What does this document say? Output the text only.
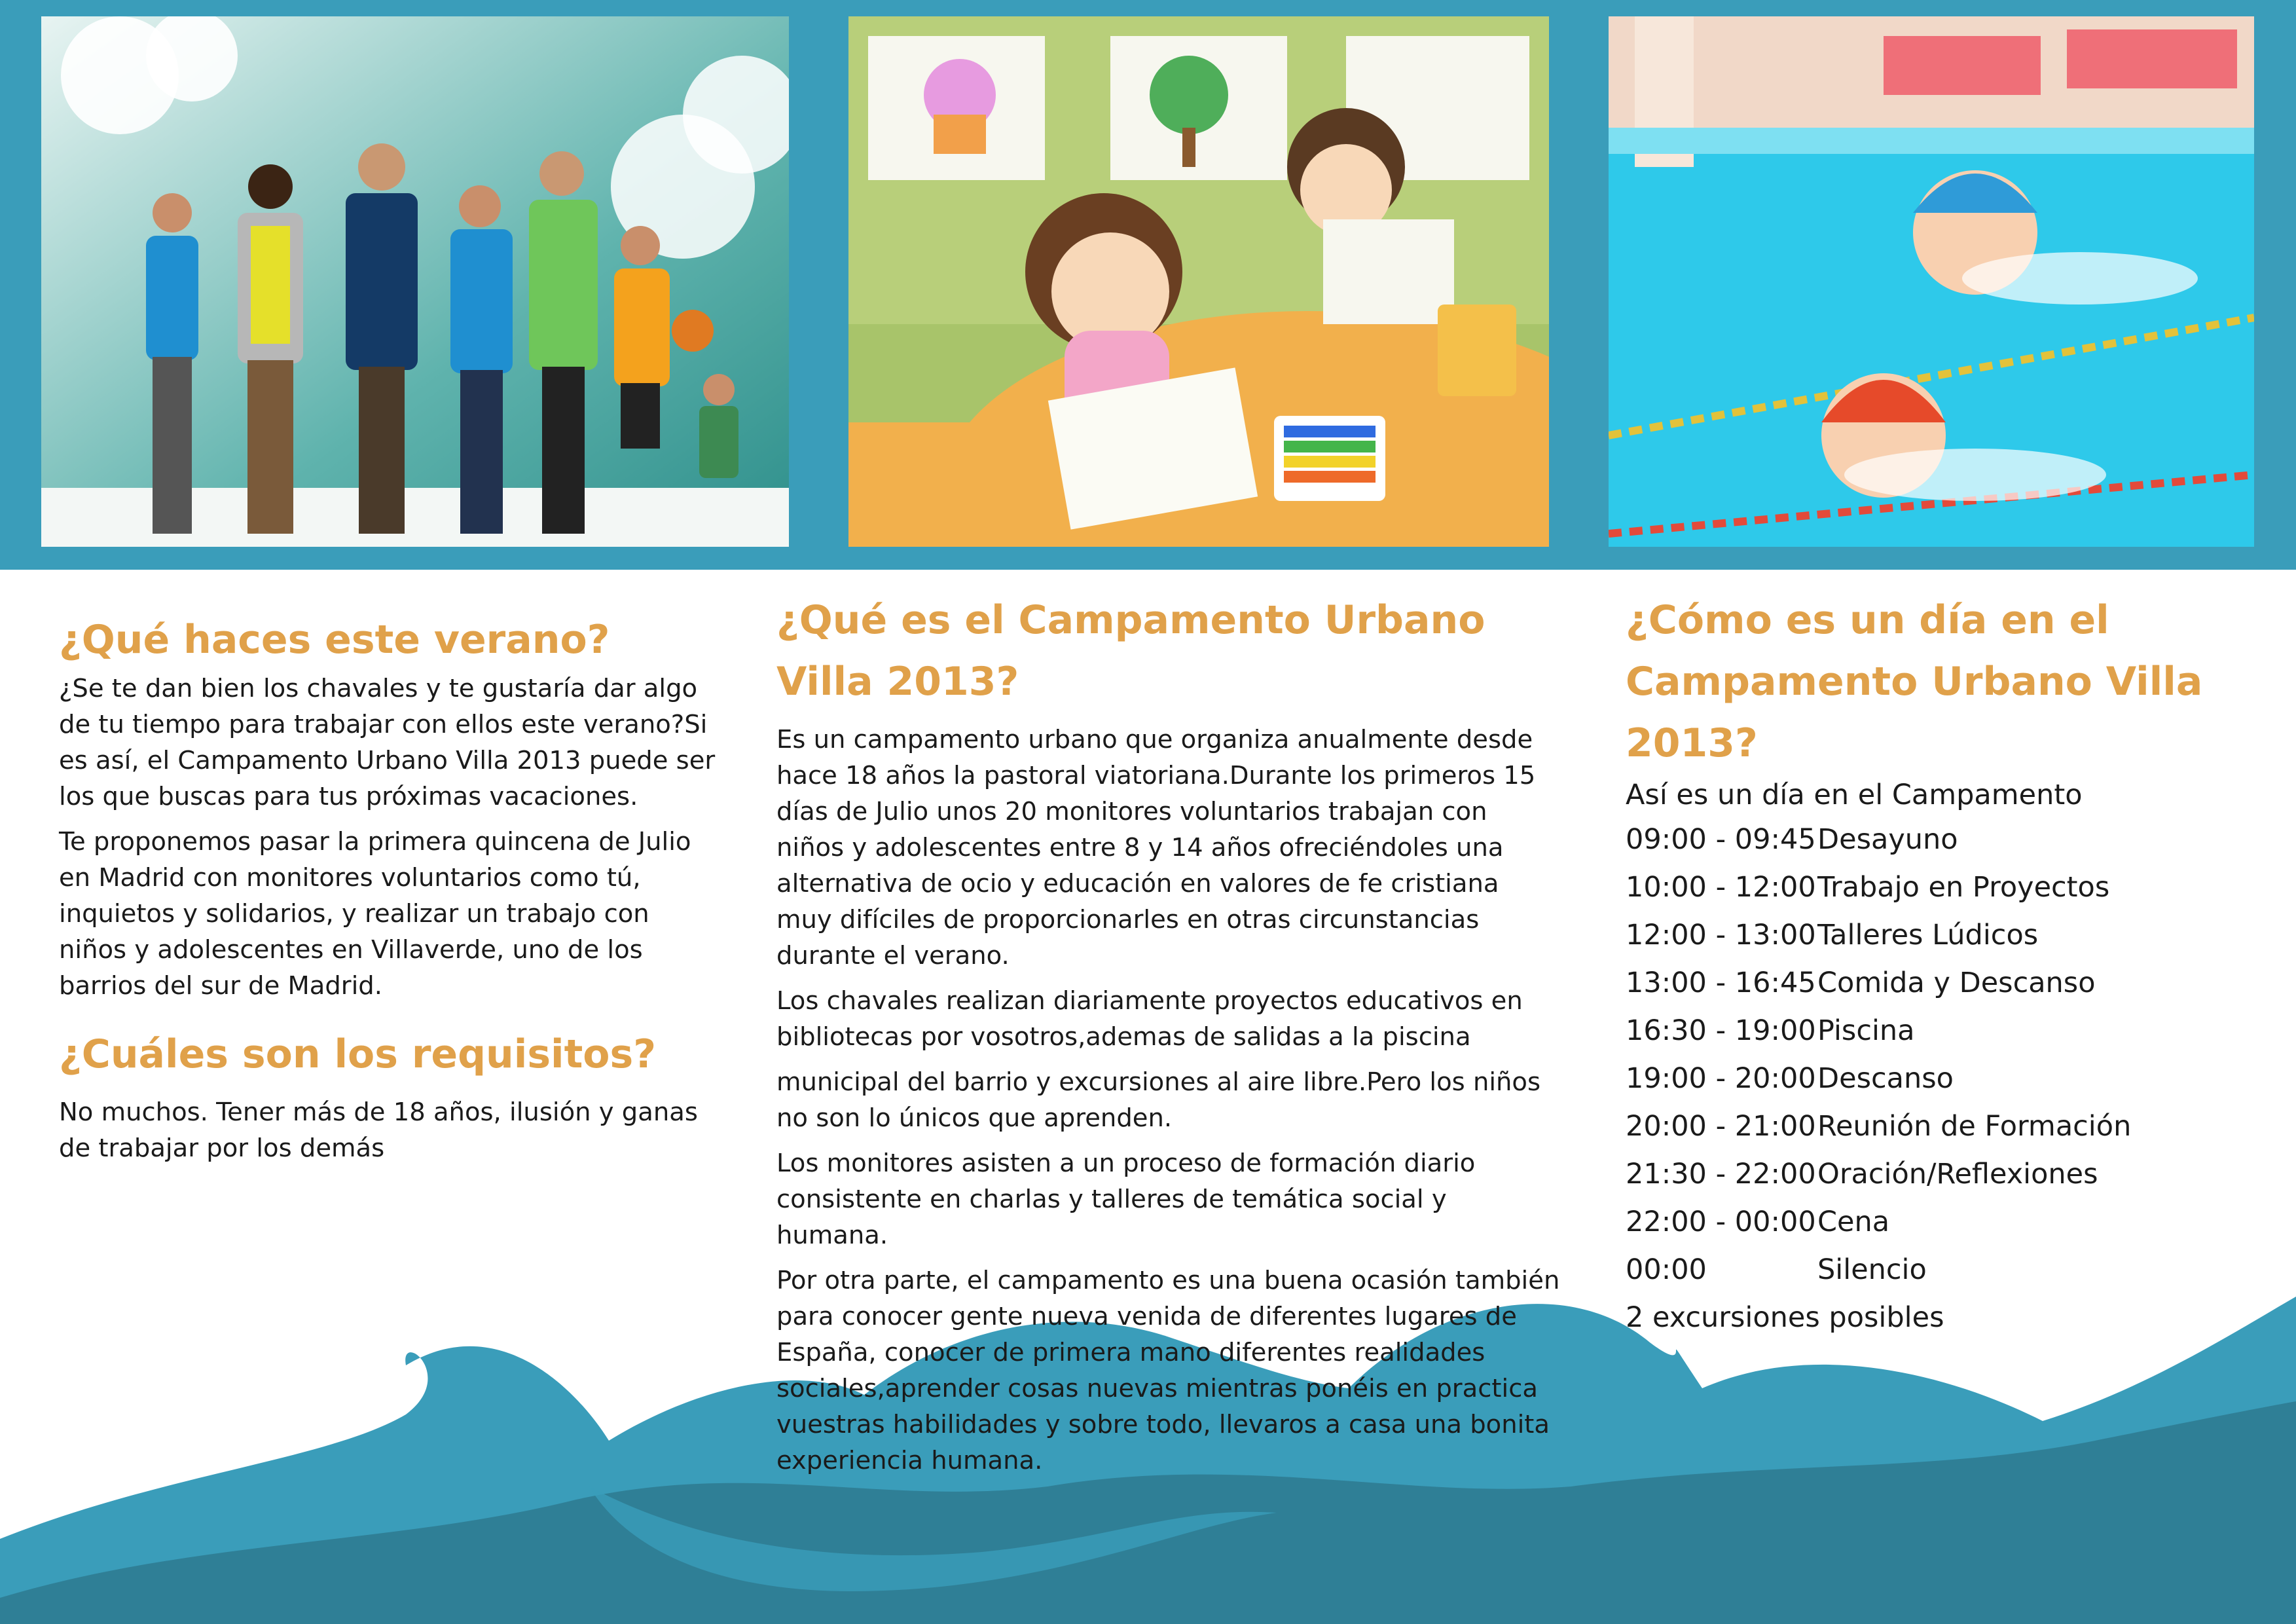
¿Qué haces este verano?

¿Se te dan bien los chavales y te gustaría dar algo de tu tiempo para trabajar con ellos este verano?Si es así, el Campamento Urbano Villa 2013 puede ser los que buscas para tus próximas vacaciones.

Te proponemos pasar la primera quincena de Julio en Madrid con monitores voluntarios como tú, inquietos y solidarios, y realizar un trabajo con niños y adolescentes en Villaverde, uno de los barrios del sur de Madrid.

¿Cuáles son los requisitos?

No muchos. Tener más de 18 años, ilusión y ganas de trabajar por los demás

¿Qué es el Campamento Urbano Villa 2013?

Es un campamento urbano que organiza anualmente desde hace 18 años la pastoral viatoriana.Durante los primeros 15 días de Julio unos 20 monitores voluntarios trabajan con niños y adolescentes entre 8 y 14 años ofreciéndoles una alternativa de ocio y educación en valores de fe cristiana muy difíciles de proporcionarles en otras circunstancias durante el verano.

Los chavales realizan diariamente proyectos educativos en bibliotecas por vosotros,ademas de salidas a la piscina

municipal del barrio y excursiones al aire libre.Pero los niños no son lo únicos que aprenden.

Los monitores asisten a un proceso de formación diario consistente en charlas y talleres de temática social y humana.

Por otra parte, el campamento es una buena ocasión también para conocer gente nueva venida de diferentes lugares de España, conocer de primera mano diferentes realidades sociales,aprender cosas nuevas mientras ponéis en practica vuestras habilidades y sobre todo, llevaros a casa una bonita experiencia humana.

¿Cómo es un día en el Campamento Urbano Villa 2013?

Así es un día en el Campamento

09:00 - 09:45 Desayuno
10:00 - 12:00 Trabajo en Proyectos
12:00 - 13:00 Talleres Lúdicos
13:00 - 16:45 Comida y Descanso
16:30 - 19:00 Piscina
19:00 - 20:00 Descanso
20:00 - 21:00 Reunión de Formación
21:30 - 22:00 Oración/Reflexiones
22:00 - 00:00 Cena
00:00	Silencio

2 excursiones posibles
